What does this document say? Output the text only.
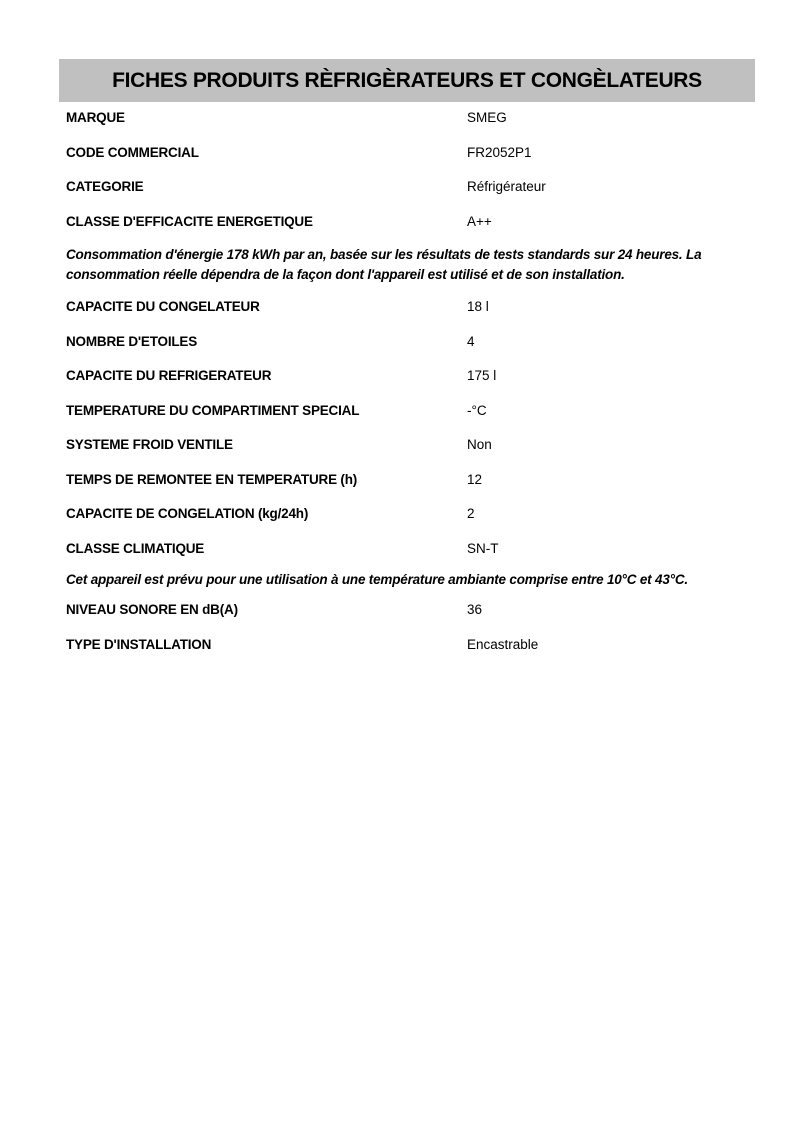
FICHES PRODUITS RÈFRIGÈRATEURS ET CONGÈLATEURS
MARQUE	SMEG
CODE COMMERCIAL	FR2052P1
CATEGORIE	Réfrigérateur
CLASSE D'EFFICACITE ENERGETIQUE	A++
Consommation d'énergie 178 kWh par an, basée sur les résultats de tests standards sur 24 heures. La consommation réelle dépendra de la façon dont l'appareil est utilisé et de son installation.
CAPACITE DU CONGELATEUR	18 l
NOMBRE D'ETOILES	4
CAPACITE DU REFRIGERATEUR	175 l
TEMPERATURE DU COMPARTIMENT SPECIAL	-°C
SYSTEME FROID VENTILE	Non
TEMPS DE REMONTEE EN TEMPERATURE (h)	12
CAPACITE DE CONGELATION (kg/24h)	2
CLASSE CLIMATIQUE	SN-T
Cet appareil est prévu pour une utilisation à une température ambiante comprise entre 10°C et 43°C.
NIVEAU SONORE EN dB(A)	36
TYPE D'INSTALLATION	Encastrable
